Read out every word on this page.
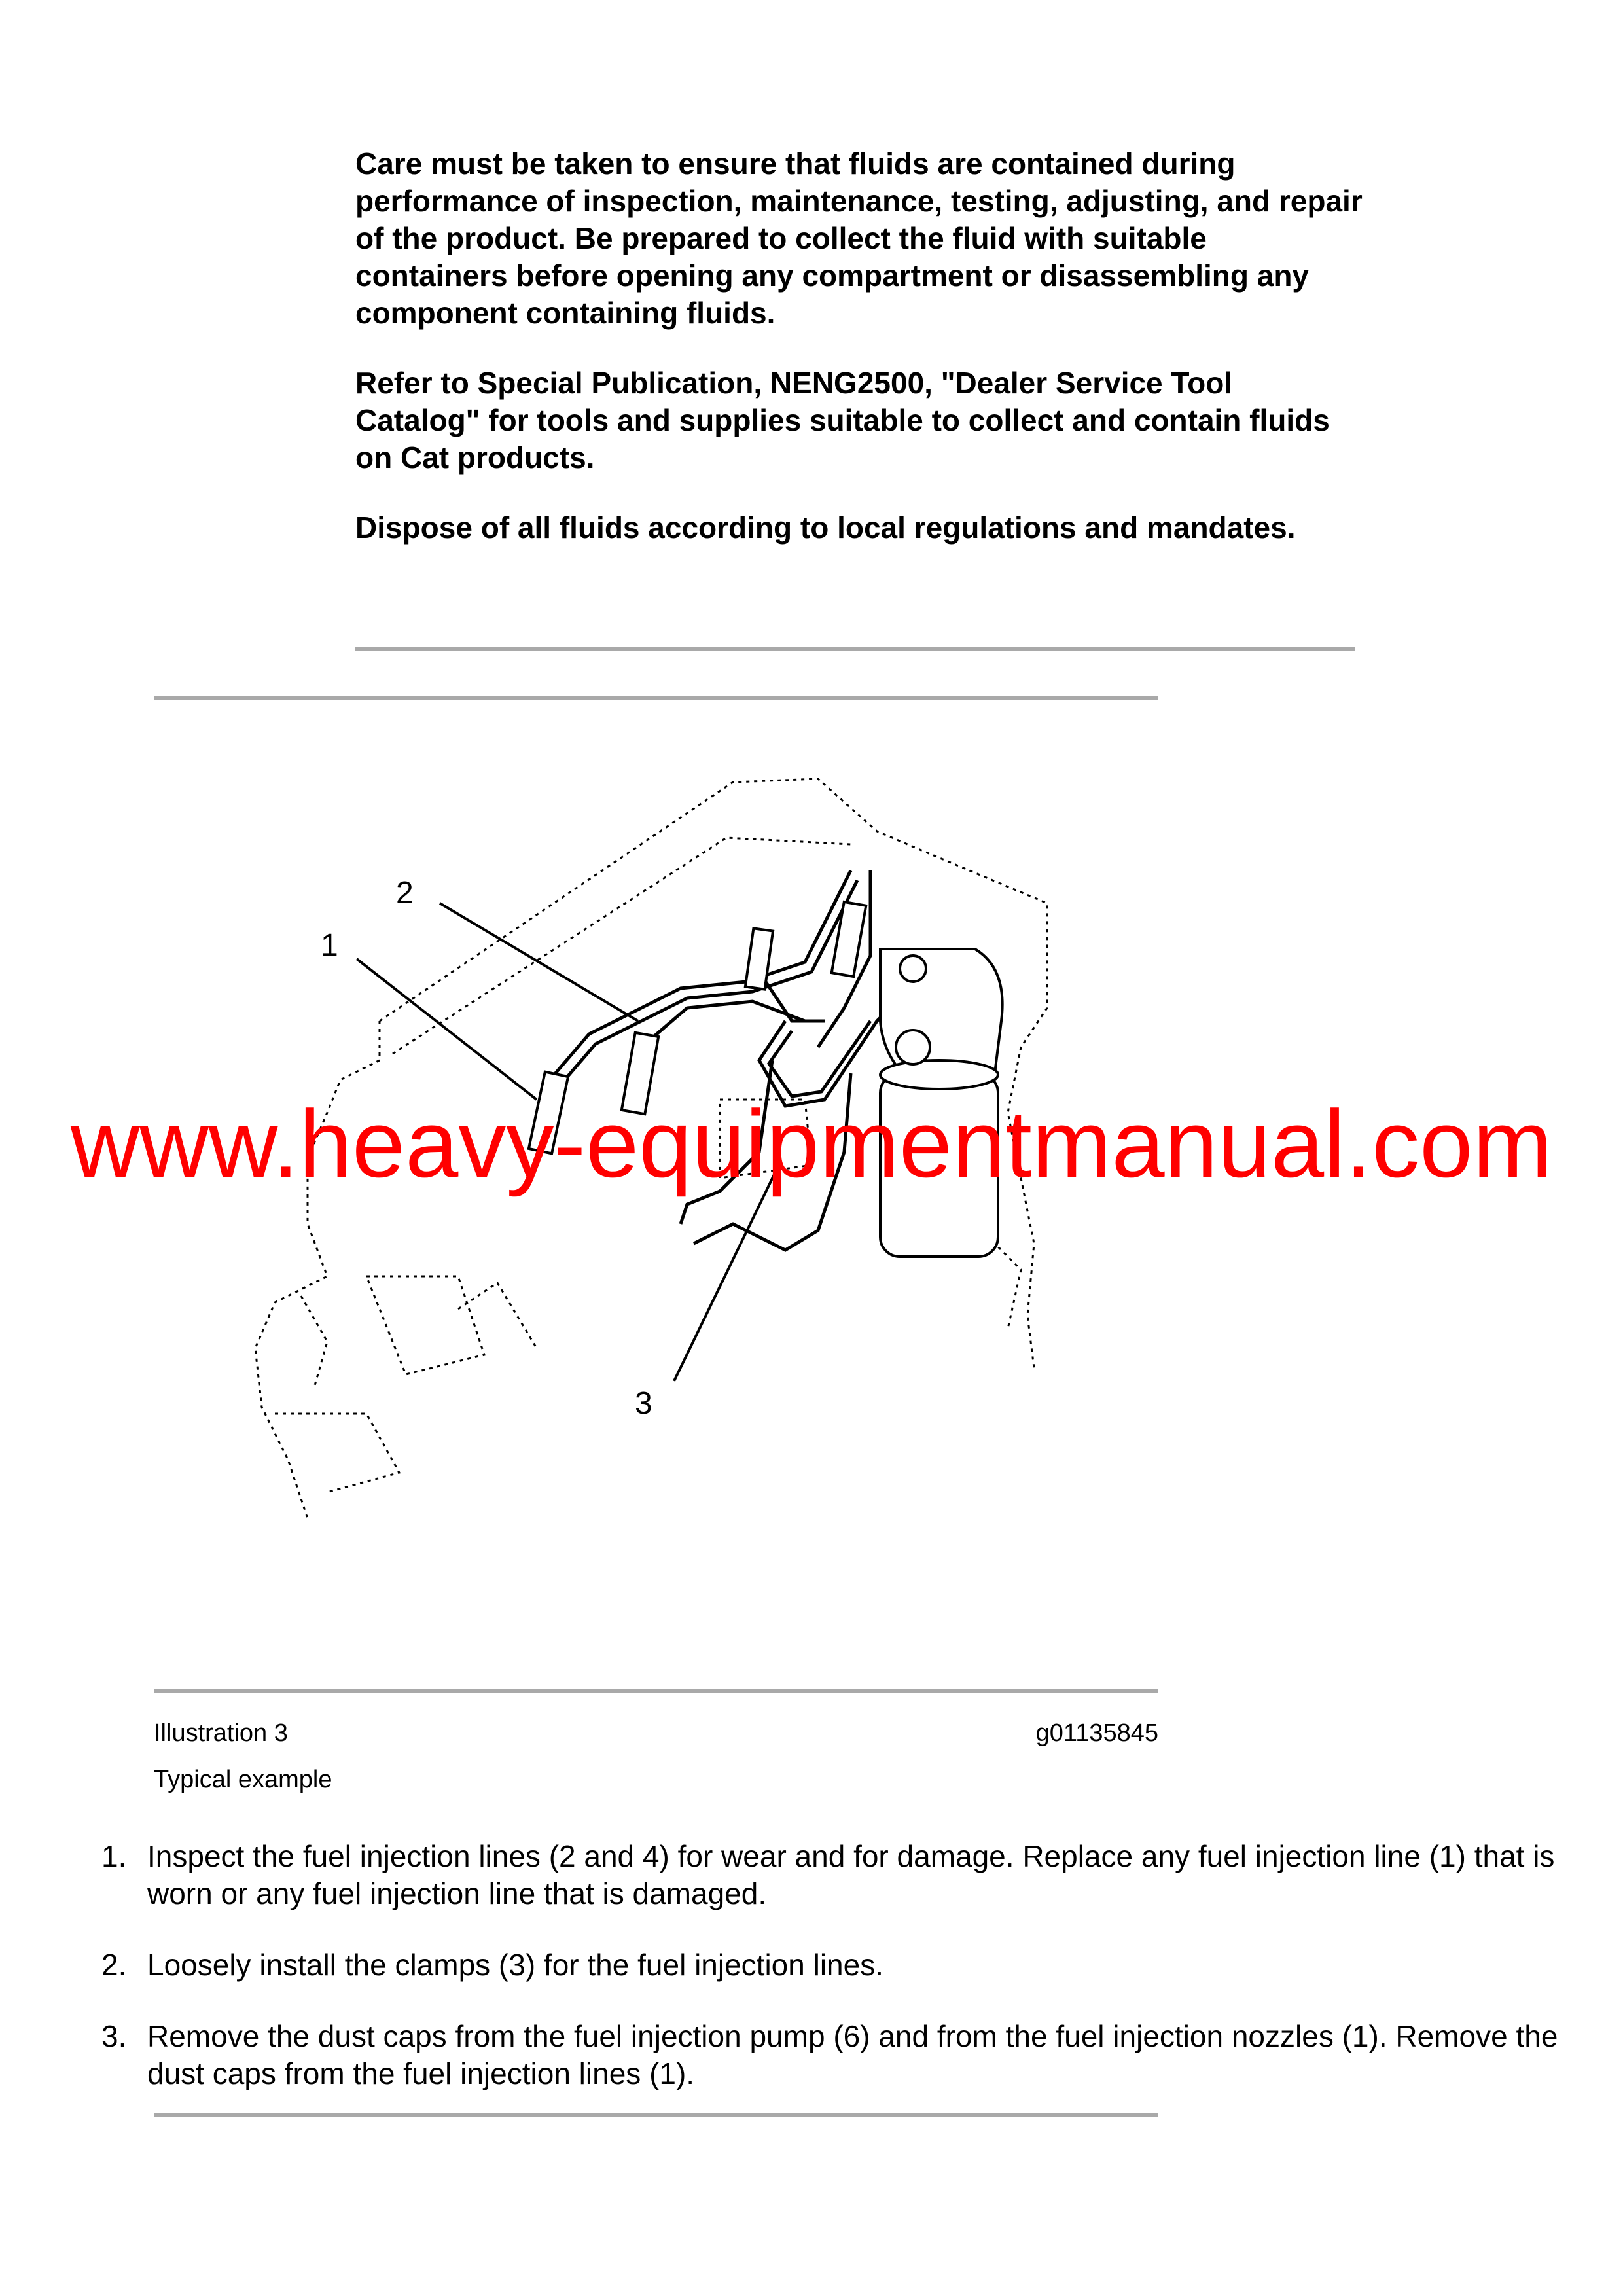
Care must be taken to ensure that fluids are contained during performance of inspection, maintenance, testing, adjusting, and repair of the product. Be prepared to collect the fluid with suitable containers before opening any compartment or disassembling any component containing fluids.

Refer to Special Publication, NENG2500, "Dealer Service Tool Catalog" for tools and supplies suitable to collect and contain fluids on Cat products.

Dispose of all fluids according to local regulations and mandates.

1
2
3
www.heavy-equipmentmanual.com
Illustration 3	g01135845
Typical example
1. Inspect the fuel injection lines (2 and 4) for wear and for damage. Replace any fuel injection line (1) that is worn or any fuel injection line that is damaged.
2. Loosely install the clamps (3) for the fuel injection lines.
3. Remove the dust caps from the fuel injection pump (6) and from the fuel injection nozzles (1). Remove the dust caps from the fuel injection lines (1).
